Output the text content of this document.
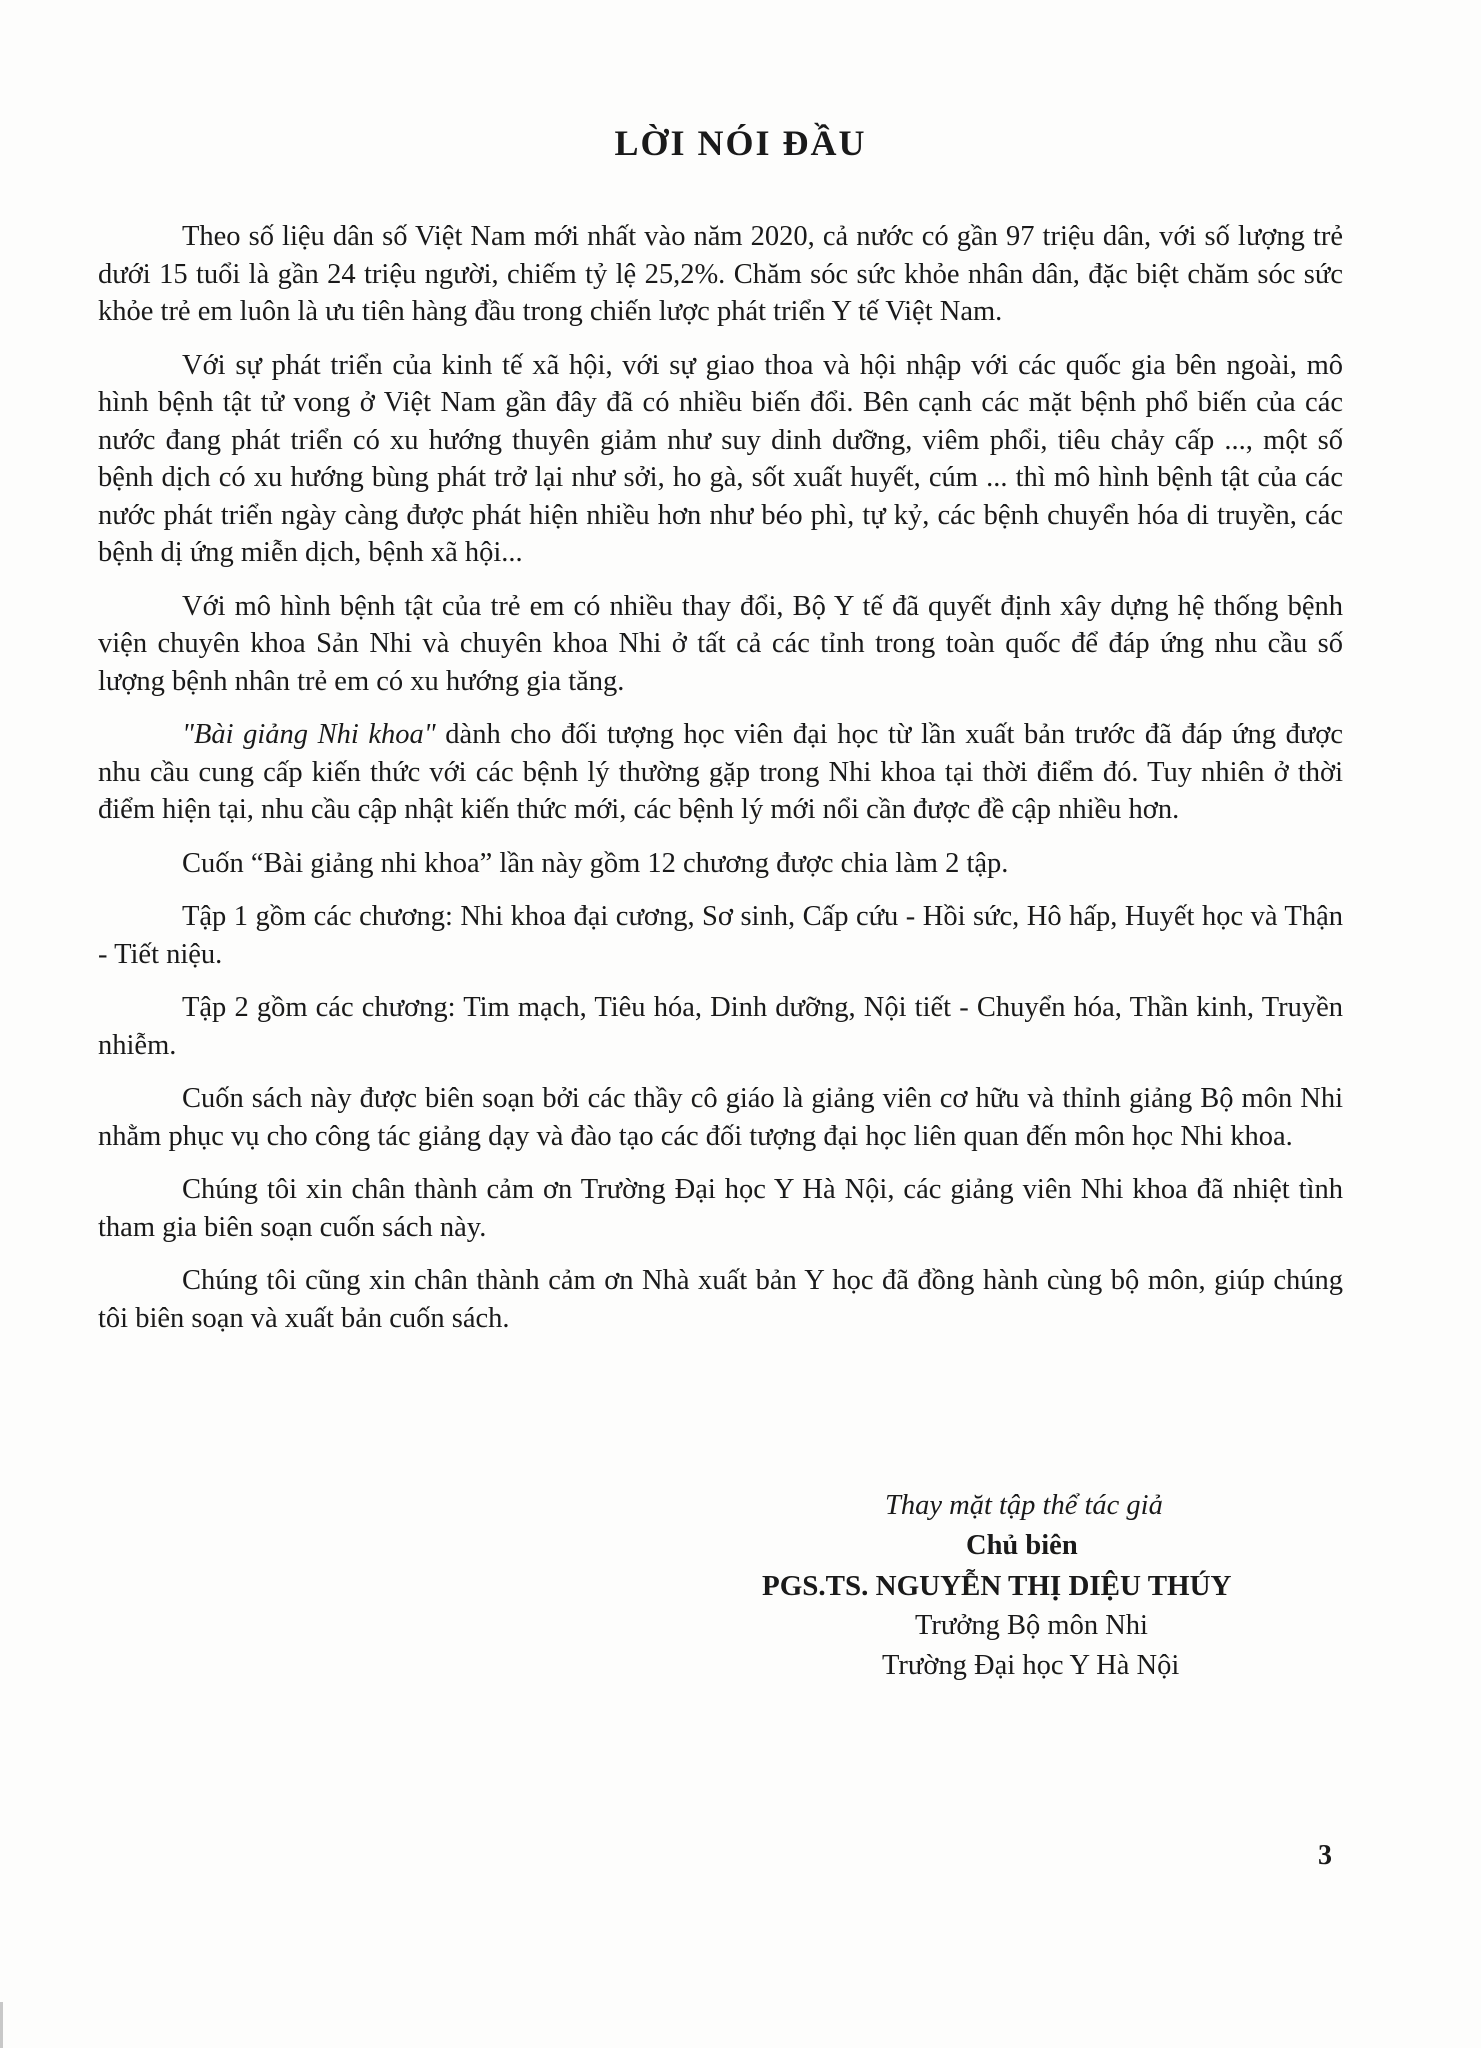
LỜI NÓI ĐẦU

Theo số liệu dân số Việt Nam mới nhất vào năm 2020, cả nước có gần 97 triệu dân, với số lượng trẻ dưới 15 tuổi là gần 24 triệu người, chiếm tỷ lệ 25,2%. Chăm sóc sức khỏe nhân dân, đặc biệt chăm sóc sức khỏe trẻ em luôn là ưu tiên hàng đầu trong chiến lược phát triển Y tế Việt Nam.

Với sự phát triển của kinh tế xã hội, với sự giao thoa và hội nhập với các quốc gia bên ngoài, mô hình bệnh tật tử vong ở Việt Nam gần đây đã có nhiều biến đổi. Bên cạnh các mặt bệnh phổ biến của các nước đang phát triển có xu hướng thuyên giảm như suy dinh dưỡng, viêm phổi, tiêu chảy cấp ..., một số bệnh dịch có xu hướng bùng phát trở lại như sởi, ho gà, sốt xuất huyết, cúm ... thì mô hình bệnh tật của các nước phát triển ngày càng được phát hiện nhiều hơn như béo phì, tự kỷ, các bệnh chuyển hóa di truyền, các bệnh dị ứng miễn dịch, bệnh xã hội...

Với mô hình bệnh tật của trẻ em có nhiều thay đổi, Bộ Y tế đã quyết định xây dựng hệ thống bệnh viện chuyên khoa Sản Nhi và chuyên khoa Nhi ở tất cả các tỉnh trong toàn quốc để đáp ứng nhu cầu số lượng bệnh nhân trẻ em có xu hướng gia tăng.

"Bài giảng Nhi khoa" dành cho đối tượng học viên đại học từ lần xuất bản trước đã đáp ứng được nhu cầu cung cấp kiến thức với các bệnh lý thường gặp trong Nhi khoa tại thời điểm đó. Tuy nhiên ở thời điểm hiện tại, nhu cầu cập nhật kiến thức mới, các bệnh lý mới nổi cần được đề cập nhiều hơn.

Cuốn “Bài giảng nhi khoa” lần này gồm 12 chương được chia làm 2 tập.

Tập 1 gồm các chương: Nhi khoa đại cương, Sơ sinh, Cấp cứu - Hồi sức, Hô hấp, Huyết học và Thận - Tiết niệu.

Tập 2 gồm các chương: Tim mạch, Tiêu hóa, Dinh dưỡng, Nội tiết - Chuyển hóa, Thần kinh, Truyền nhiễm.

Cuốn sách này được biên soạn bởi các thầy cô giáo là giảng viên cơ hữu và thỉnh giảng Bộ môn Nhi nhằm phục vụ cho công tác giảng dạy và đào tạo các đối tượng đại học liên quan đến môn học Nhi khoa.

Chúng tôi xin chân thành cảm ơn Trường Đại học Y Hà Nội, các giảng viên Nhi khoa đã nhiệt tình tham gia biên soạn cuốn sách này.

Chúng tôi cũng xin chân thành cảm ơn Nhà xuất bản Y học đã đồng hành cùng bộ môn, giúp chúng tôi biên soạn và xuất bản cuốn sách.

Thay mặt tập thể tác giả
Chủ biên
PGS.TS. NGUYỄN THỊ DIỆU THÚY
Trưởng Bộ môn Nhi
Trường Đại học Y Hà Nội
3
